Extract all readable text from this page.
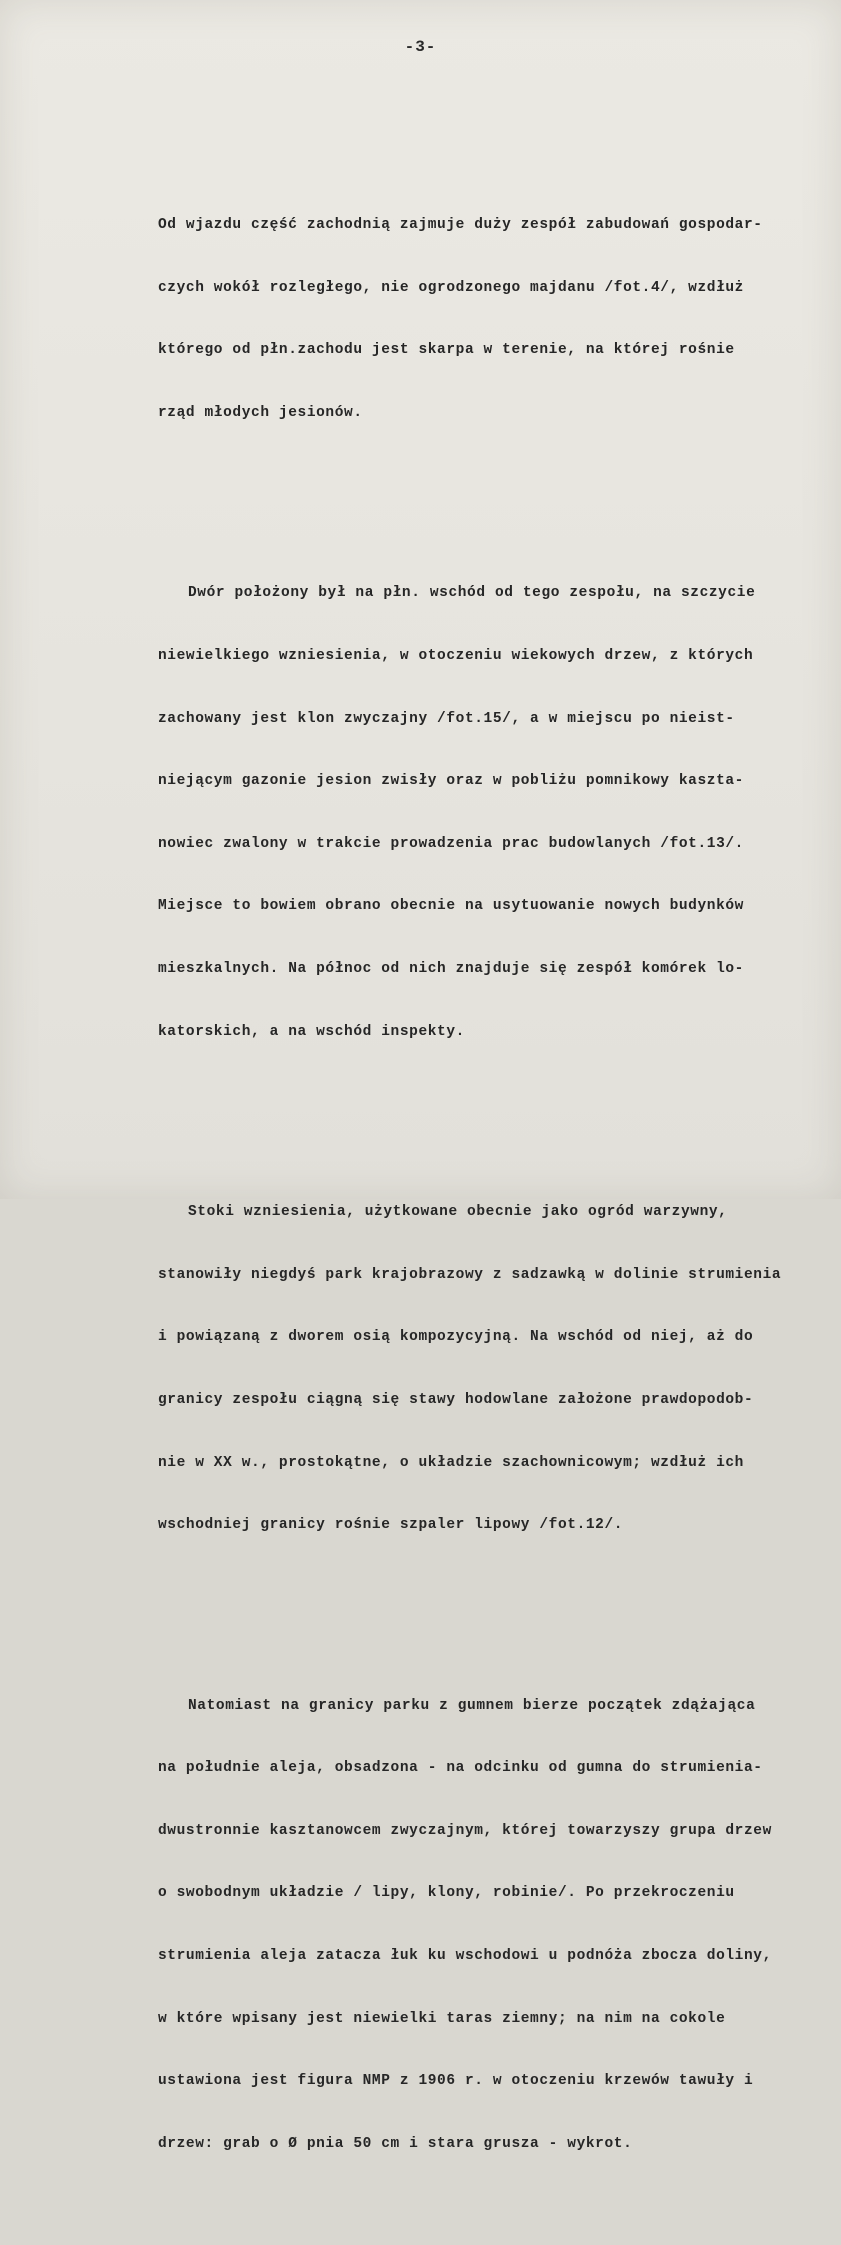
-3-

Od wjazdu część zachodnią zajmuje duży zespół zabudowań gospodar-

czych wokół rozległego, nie ogrodzonego majdanu /fot.4/, wzdłuż

którego od płn.zachodu jest skarpa w terenie, na której rośnie

rząd młodych jesionów.

Dwór położony był na płn. wschód od tego zespołu, na szczycie

niewielkiego wzniesienia, w otoczeniu wiekowych drzew, z których

zachowany jest klon zwyczajny /fot.15/, a w miejscu po nieist-

niejącym gazonie jesion zwisły oraz w pobliżu pomnikowy kaszta-

nowiec zwalony w trakcie prowadzenia prac budowlanych /fot.13/.

Miejsce to bowiem obrano obecnie na usytuowanie nowych budynków

mieszkalnych. Na północ od nich znajduje się zespół komórek lo-

katorskich, a na wschód inspekty.

Stoki wzniesienia, użytkowane obecnie jako ogród warzywny,

stanowiły niegdyś park krajobrazowy z sadzawką w dolinie strumienia

i powiązaną z dworem osią kompozycyjną. Na wschód od niej, aż do

granicy zespołu ciągną się stawy hodowlane założone prawdopodob-

nie w XX w., prostokątne, o układzie szachownicowym; wzdłuż ich

wschodniej granicy rośnie szpaler lipowy /fot.12/.

Natomiast na granicy parku z gumnem bierze początek zdążająca

na południe aleja, obsadzona - na odcinku od gumna do strumienia-

dwustronnie kasztanowcem zwyczajnym, której towarzyszy grupa drzew

o swobodnym układzie / lipy, klony, robinie/. Po przekroczeniu

strumienia aleja zatacza łuk ku wschodowi u podnóża zbocza doliny,

w które wpisany jest niewielki taras ziemny; na nim na cokole

ustawiona jest figura NMP z 1906 r. w otoczeniu krzewów tawuły i

drzew: grab o Ø pnia 50 cm i stara grusza - wykrot.
